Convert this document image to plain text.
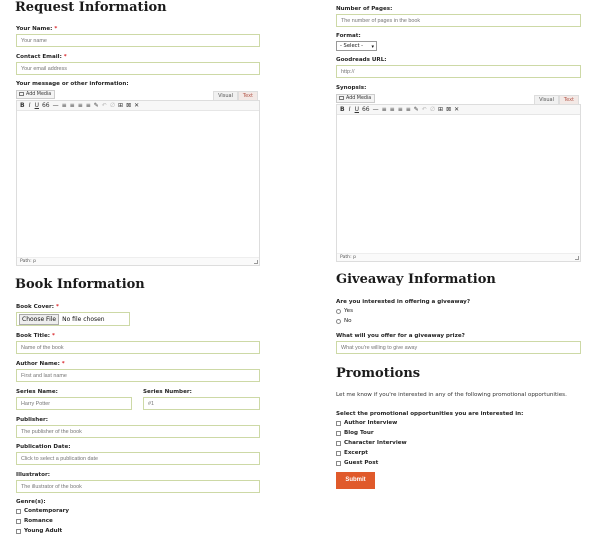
Request Information
Your Name: *
Your name
Contact Email: *
Your email address
Your message or other information:
Add Media	Visual	Text
B I U 66 — ≡ ≡ ≡ ≡ ✎ ↶ ∅ ⊞ ⊠ ✕
Path: p
Book Information
Book Cover: *
Choose File	No file chosen
Book Title: *
Name of the book
Author Name: *
First and last name
Series Name:
Harry Potter	Series Number:
#1
Publisher:
The publisher of the book
Publication Date:
Click to select a publication date
Illustrator:
The illustrator of the book
Genre(s):
Contemporary
Romance
Young Adult
Number of Pages:
The number of pages in the book
Format:
- Select - ▾
Goodreads URL:
http://
Synopsis:
Add Media	Visual	Text
B I U 66 — ≡ ≡ ≡ ≡ ✎ ↶ ∅ ⊞ ⊠ ✕
Path: p
Giveaway Information
Are you interested in offering a giveaway?
Yes
No
What will you offer for a giveaway prize?
What you're willing to give away
Promotions
Let me know if you're interested in any of the following promotional opportunities.
Select the promotional opportunities you are interested in:
Author Interview
Blog Tour
Character Interview
Excerpt
Guest Post
Submit
